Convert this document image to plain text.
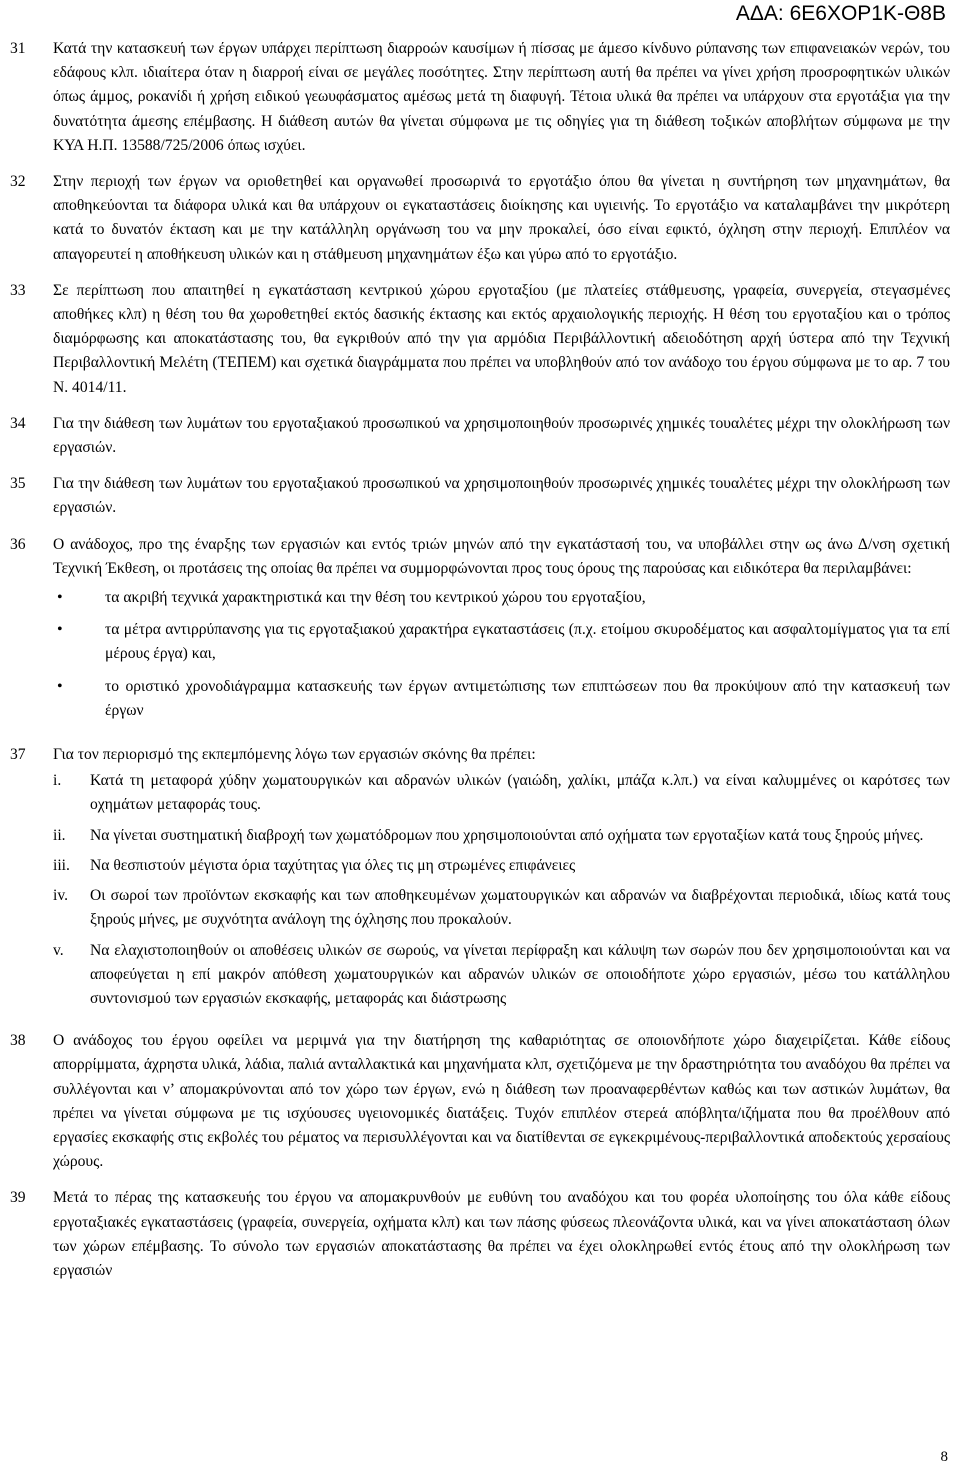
ΑΔΑ: 6Ε6ΧΟΡ1Κ-Θ8Β
31	Κατά την κατασκευή των έργων υπάρχει περίπτωση διαρροών καυσίμων ή πίσσας με άμεσο κίνδυνο ρύπανσης των επιφανειακών νερών, του εδάφους κλπ. ιδιαίτερα όταν η διαρροή είναι σε μεγάλες ποσότητες. Στην περίπτωση αυτή θα πρέπει να γίνει χρήση προσροφητικών υλικών όπως άμμος, ροκανίδι ή χρήση ειδικού γεωυφάσματος αμέσως μετά τη διαφυγή. Τέτοια υλικά θα πρέπει να υπάρχουν στα εργοτάξια για την δυνατότητα άμεσης επέμβασης. Η διάθεση αυτών θα γίνεται σύμφωνα με τις οδηγίες για τη διάθεση τοξικών αποβλήτων σύμφωνα με την ΚΥΑ Η.Π. 13588/725/2006 όπως ισχύει.

32	Στην περιοχή των έργων να οριοθετηθεί και οργανωθεί προσωρινά το εργοτάξιο όπου θα γίνεται η συντήρηση των μηχανημάτων, θα αποθηκεύονται τα διάφορα υλικά και θα υπάρχουν οι εγκαταστάσεις διοίκησης και υγιεινής. Το εργοτάξιο να καταλαμβάνει την μικρότερη κατά το δυνατόν έκταση και με την κατάλληλη οργάνωση του να μην προκαλεί, όσο είναι εφικτό, όχληση στην περιοχή. Επιπλέον να απαγορευτεί η αποθήκευση υλικών και η στάθμευση μηχανημάτων έξω και γύρω από το εργοτάξιο.

33	Σε περίπτωση που απαιτηθεί η εγκατάσταση κεντρικού χώρου εργοταξίου (με πλατείες στάθμευσης, γραφεία, συνεργεία, στεγασμένες αποθήκες κλπ) η θέση του θα χωροθετηθεί εκτός δασικής έκτασης και εκτός αρχαιολογικής περιοχής. Η θέση του εργοταξίου και ο τρόπος διαμόρφωσης και αποκατάστασης του, θα εγκριθούν από την για αρμόδια Περιβάλλοντική αδειοδότηση αρχή ύστερα από την Τεχνική Περιβαλλοντική Μελέτη (ΤΕΠΕΜ) και σχετικά διαγράμματα που πρέπει να υποβληθούν από τον ανάδοχο του έργου σύμφωνα με το αρ. 7 του Ν. 4014/11.

34	Για την διάθεση των λυμάτων του εργοταξιακού προσωπικού να χρησιμοποιηθούν προσωρινές χημικές τουαλέτες μέχρι την ολοκλήρωση των εργασιών.

35	Για την διάθεση των λυμάτων του εργοταξιακού προσωπικού να χρησιμοποιηθούν προσωρινές χημικές τουαλέτες μέχρι την ολοκλήρωση των εργασιών.

36	Ο ανάδοχος, προ της έναρξης των εργασιών και εντός τριών μηνών από την εγκατάστασή του, να υποβάλλει στην ως άνω Δ/νση σχετική Τεχνική Έκθεση, οι προτάσεις της οποίας θα πρέπει να συμμορφώνονται προς τους όρους της παρούσας και ειδικότερα θα περιλαμβάνει:

•
τα ακριβή τεχνικά χαρακτηριστικά και την θέση του κεντρικού χώρου του εργοταξίου,
•
τα μέτρα αντιρρύπανσης για τις εργοταξιακού χαρακτήρα εγκαταστάσεις (π.χ. ετοίμου σκυροδέματος και ασφαλτομίγματος για τα επί μέρους έργα) και,
•
το οριστικό χρονοδιάγραμμα κατασκευής των έργων αντιμετώπισης των επιπτώσεων που θα προκύψουν από την κατασκευή των έργων
37	Για τον περιορισμό της εκπεμπόμενης λόγω των εργασιών σκόνης θα πρέπει:

i.	Κατά τη μεταφορά χύδην χωματουργικών και αδρανών υλικών (γαιώδη, χαλίκι, μπάζα κ.λπ.) να είναι καλυμμένες οι καρότσες των οχημάτων μεταφοράς τους.
ii.	Να γίνεται συστηματική διαβροχή των χωματόδρομων που χρησιμοποιούνται από οχήματα των εργοταξίων κατά τους ξηρούς μήνες.
iii.	Να θεσπιστούν μέγιστα όρια ταχύτητας για όλες τις μη στρωμένες επιφάνειες
iv.	Οι σωροί των προϊόντων εκσκαφής και των αποθηκευμένων χωματουργικών και αδρανών να διαβρέχονται περιοδικά, ιδίως κατά τους ξηρούς μήνες, με συχνότητα ανάλογη της όχλησης που προκαλούν.
v.	Να ελαχιστοποιηθούν οι αποθέσεις υλικών σε σωρούς, να γίνεται περίφραξη και κάλυψη των σωρών που δεν χρησιμοποιούνται και να αποφεύγεται η επί μακρόν απόθεση χωματουργικών και αδρανών υλικών σε οποιοδήποτε χώρο εργασιών, μέσω του κατάλληλου συντονισμού των εργασιών εκσκαφής, μεταφοράς και διάστρωσης
38	Ο ανάδοχος του έργου οφείλει να μεριμνά για την διατήρηση της καθαριότητας σε οποιονδήποτε χώρο διαχειρίζεται. Κάθε είδους απορρίμματα, άχρηστα υλικά, λάδια, παλιά ανταλλακτικά και μηχανήματα κλπ, σχετιζόμενα με την δραστηριότητα του αναδόχου θα πρέπει να συλλέγονται και ν’ απομακρύνονται από τον χώρο των έργων, ενώ η διάθεση των προαναφερθέντων καθώς και των αστικών λυμάτων, θα πρέπει να γίνεται σύμφωνα με τις ισχύουσες υγειονομικές διατάξεις. Τυχόν επιπλέον στερεά απόβλητα/ιζήματα που θα προέλθουν από εργασίες εκσκαφής στις εκβολές του ρέματος να περισυλλέγονται και να διατίθενται σε εγκεκριμένους-περιβαλλοντικά αποδεκτούς χερσαίους χώρους.

39	Μετά το πέρας της κατασκευής του έργου να απομακρυνθούν με ευθύνη του αναδόχου και του φορέα υλοποίησης του όλα κάθε είδους εργοταξιακές εγκαταστάσεις (γραφεία, συνεργεία, οχήματα κλπ) και των πάσης φύσεως πλεονάζοντα υλικά, και να γίνει αποκατάσταση όλων των χώρων επέμβασης. Το σύνολο των εργασιών αποκατάστασης θα πρέπει να έχει ολοκληρωθεί εντός έτους από την ολοκλήρωση των εργασιών

8
